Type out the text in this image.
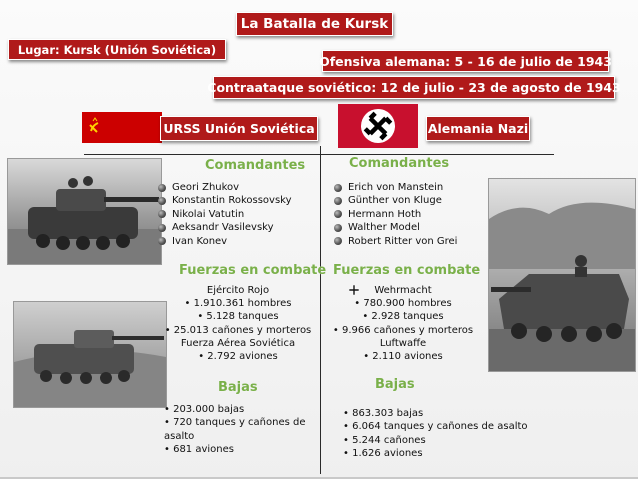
La Batalla de Kursk
Lugar: Kursk (Unión Soviética)
Ofensiva alemana: 5 - 16 de julio de 1943
Contraataque soviético: 12 de julio - 23 de agosto de 1943
URSS Unión Soviética	Alemania Nazi
Comandantes
Geori Zhukov
Konstantin Rokossovsky
Nikolai Vatutin
Aeksandr Vasilevsky
Ivan Konev
Comandantes
Erich von Manstein
Günther von Kluge
Hermann Hoth
Walther Model
Robert Ritter von Grei
Fuerzas en combate
Ejército Rojo
• 1.910.361 hombres
• 5.128 tanques
• 25.013 cañones y morteros
Fuerza Aérea Soviética
• 2.792 aviones
Fuerzas en combate
Wehrmacht
• 780.900 hombres
• 2.928 tanques
• 9.966 cañones y morteros
Luftwaffe
• 2.110 aviones
Bajas
• 203.000 bajas
• 720 tanques y cañones de asalto
• 681 aviones
Bajas
• 863.303 bajas
• 6.064 tanques y cañones de asalto
• 5.244 cañones
• 1.626 aviones
